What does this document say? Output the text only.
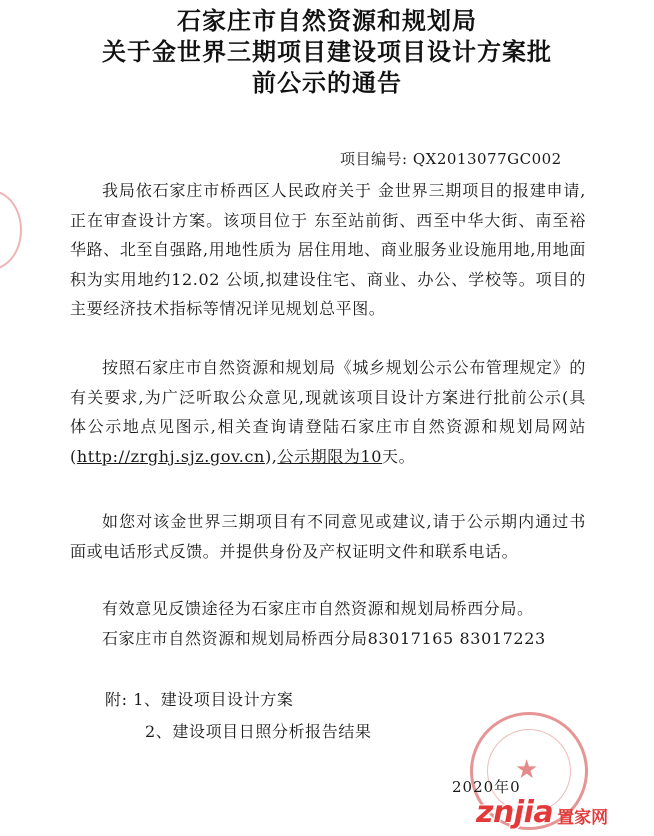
石家庄市自然资源和规划局
关于金世界三期项目建设项目设计方案批
前公示的通告
项目编号: QX2013077GC002
我局依石家庄市桥西区人民政府关于 金世界三期项目的报建申请,正在审查设计方案。该项目位于 东至站前街、西至中华大街、南至裕华路、北至自强路,用地性质为 居住用地、商业服务业设施用地,用地面积为实用地约12.02 公顷,拟建设住宅、商业、办公、学校等。项目的主要经济技术指标等情况详见规划总平图。
按照石家庄市自然资源和规划局《城乡规划公示公布管理规定》的有关要求,为广泛听取公众意见,现就该项目设计方案进行批前公示(具体公示地点见图示,相关查询请登陆石家庄市自然资源和规划局网站(http://zrghj.sjz.gov.cn),公示期限为10天。
如您对该金世界三期项目有不同意见或建议,请于公示期内通过书面或电话形式反馈。并提供身份及产权证明文件和联系电话。
有效意见反馈途径为石家庄市自然资源和规划局桥西分局。
石家庄市自然资源和规划局桥西分局83017165 83017223
附: 1、建设项目设计方案
2、建设项目日照分析报告结果
★
2020年0
znjia 置家网
